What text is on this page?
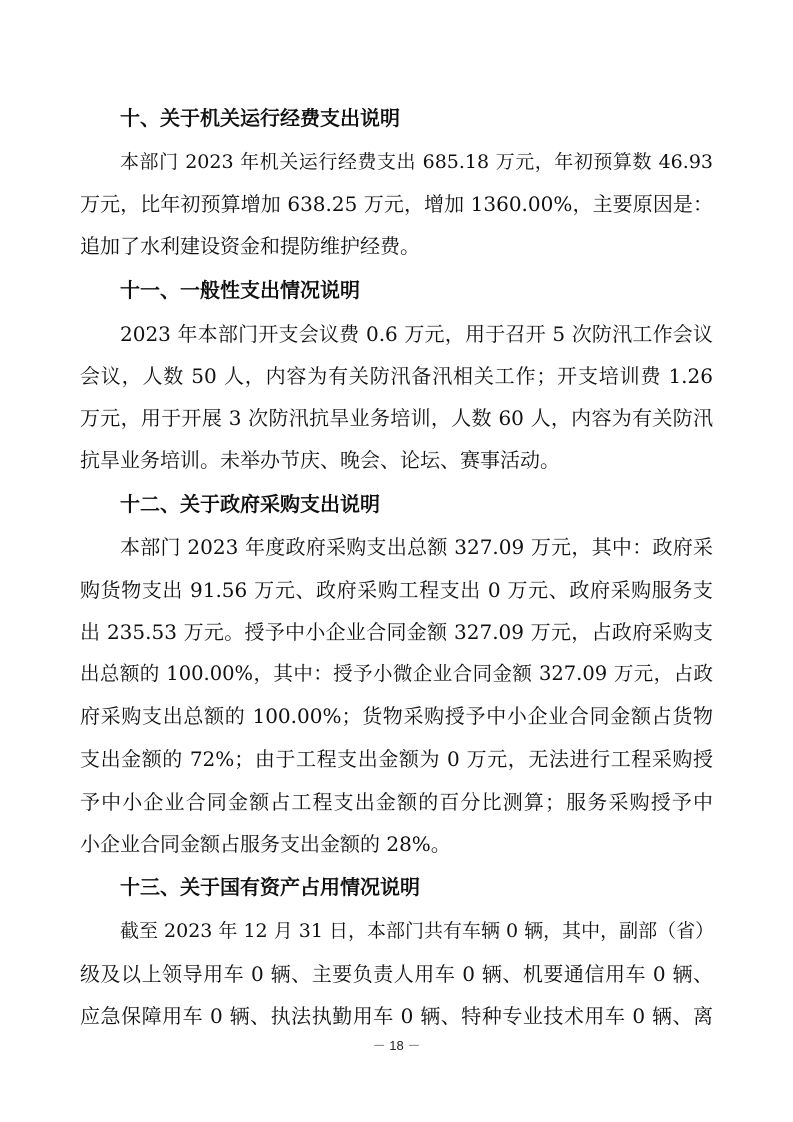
十、关于机关运行经费支出说明
本部门 2023 年机关运行经费支出 685.18 万元，年初预算数 46.93
万元，比年初预算增加 638.25 万元，增加 1360.00%，主要原因是：
追加了水利建设资金和提防维护经费。
十一、一般性支出情况说明
2023 年本部门开支会议费 0.6 万元，用于召开 5 次防汛工作会议
会议，人数 50 人，内容为有关防汛备汛相关工作；开支培训费 1.26
万元，用于开展 3 次防汛抗旱业务培训，人数 60 人，内容为有关防汛
抗旱业务培训。未举办节庆、晚会、论坛、赛事活动。
十二、关于政府采购支出说明
本部门 2023 年度政府采购支出总额 327.09 万元，其中：政府采
购货物支出 91.56 万元、政府采购工程支出 0 万元、政府采购服务支
出 235.53 万元。授予中小企业合同金额 327.09 万元，占政府采购支
出总额的 100.00%，其中：授予小微企业合同金额 327.09 万元，占政
府采购支出总额的 100.00%；货物采购授予中小企业合同金额占货物
支出金额的 72%；由于工程支出金额为 0 万元，无法进行工程采购授
予中小企业合同金额占工程支出金额的百分比测算；服务采购授予中
小企业合同金额占服务支出金额的 28%。
十三、关于国有资产占用情况说明
截至 2023 年 12 月 31 日，本部门共有车辆 0 辆，其中，副部（省）
级及以上领导用车 0 辆、主要负责人用车 0 辆、机要通信用车 0 辆、
应急保障用车 0 辆、执法执勤用车 0 辆、特种专业技术用车 0 辆、离
－ 18 －
